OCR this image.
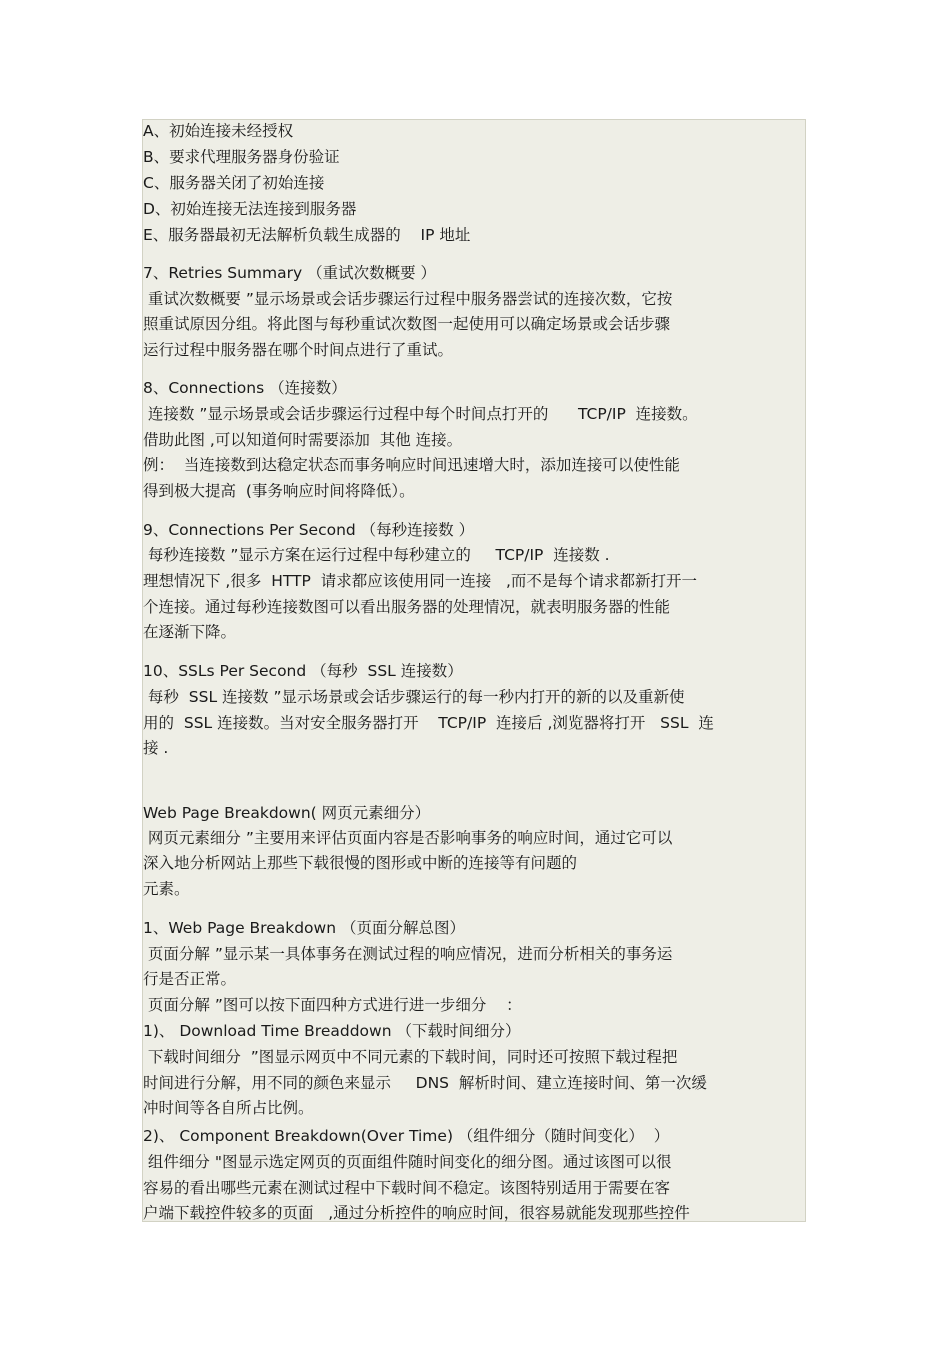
A、初始连接未经授权
B、要求代理服务器身份验证
C、服务器关闭了初始连接
D、初始连接无法连接到服务器
E、服务器最初无法解析负载生成器的    IP 地址
7、Retries Summary （重试次数概要 ）
重试次数概要 ”显示场景或会话步骤运行过程中服务器尝试的连接次数，它按
照重试原因分组。将此图与每秒重试次数图一起使用可以确定场景或会话步骤
运行过程中服务器在哪个时间点进行了重试。
8、Connections （连接数）
连接数 ”显示场景或会话步骤运行过程中每个时间点打开的      TCP/IP  连接数。
借助此图 ,可以知道何时需要添加  其他 连接。
例：  当连接数到达稳定状态而事务响应时间迅速增大时，添加连接可以使性能
得到极大提高  (事务响应时间将降低）。
9、Connections Per Second （每秒连接数 ）
每秒连接数 ”显示方案在运行过程中每秒建立的     TCP/IP  连接数 .
理想情况下 ,很多  HTTP  请求都应该使用同一连接   ,而不是每个请求都新打开一
个连接。通过每秒连接数图可以看出服务器的处理情况，就表明服务器的性能
在逐渐下降。
10、SSLs Per Second （每秒  SSL 连接数）
每秒  SSL 连接数 ”显示场景或会话步骤运行的每一秒内打开的新的以及重新使
用的  SSL 连接数。当对安全服务器打开    TCP/IP  连接后 ,浏览器将打开   SSL  连
接 .
Web Page Breakdown( 网页元素细分）
网页元素细分 ”主要用来评估页面内容是否影响事务的响应时间，通过它可以
深入地分析网站上那些下载很慢的图形或中断的连接等有问题的
元素。
1、Web Page Breakdown （页面分解总图）
页面分解 ”显示某一具体事务在测试过程的响应情况，进而分析相关的事务运
行是否正常。
页面分解 ”图可以按下面四种方式进行进一步细分    ：
1)、 Download Time Breaddown （下载时间细分）
下载时间细分  ”图显示网页中不同元素的下载时间，同时还可按照下载过程把
时间进行分解，用不同的颜色来显示     DNS  解析时间、建立连接时间、第一次缓
冲时间等各自所占比例。
2)、 Component Breakdown(Over Time) （组件细分（随时间变化）  ）
组件细分 "图显示选定网页的页面组件随时间变化的细分图。通过该图可以很
容易的看出哪些元素在测试过程中下载时间不稳定。该图特别适用于需要在客
户端下载控件较多的页面   ,通过分析控件的响应时间，很容易就能发现那些控件
